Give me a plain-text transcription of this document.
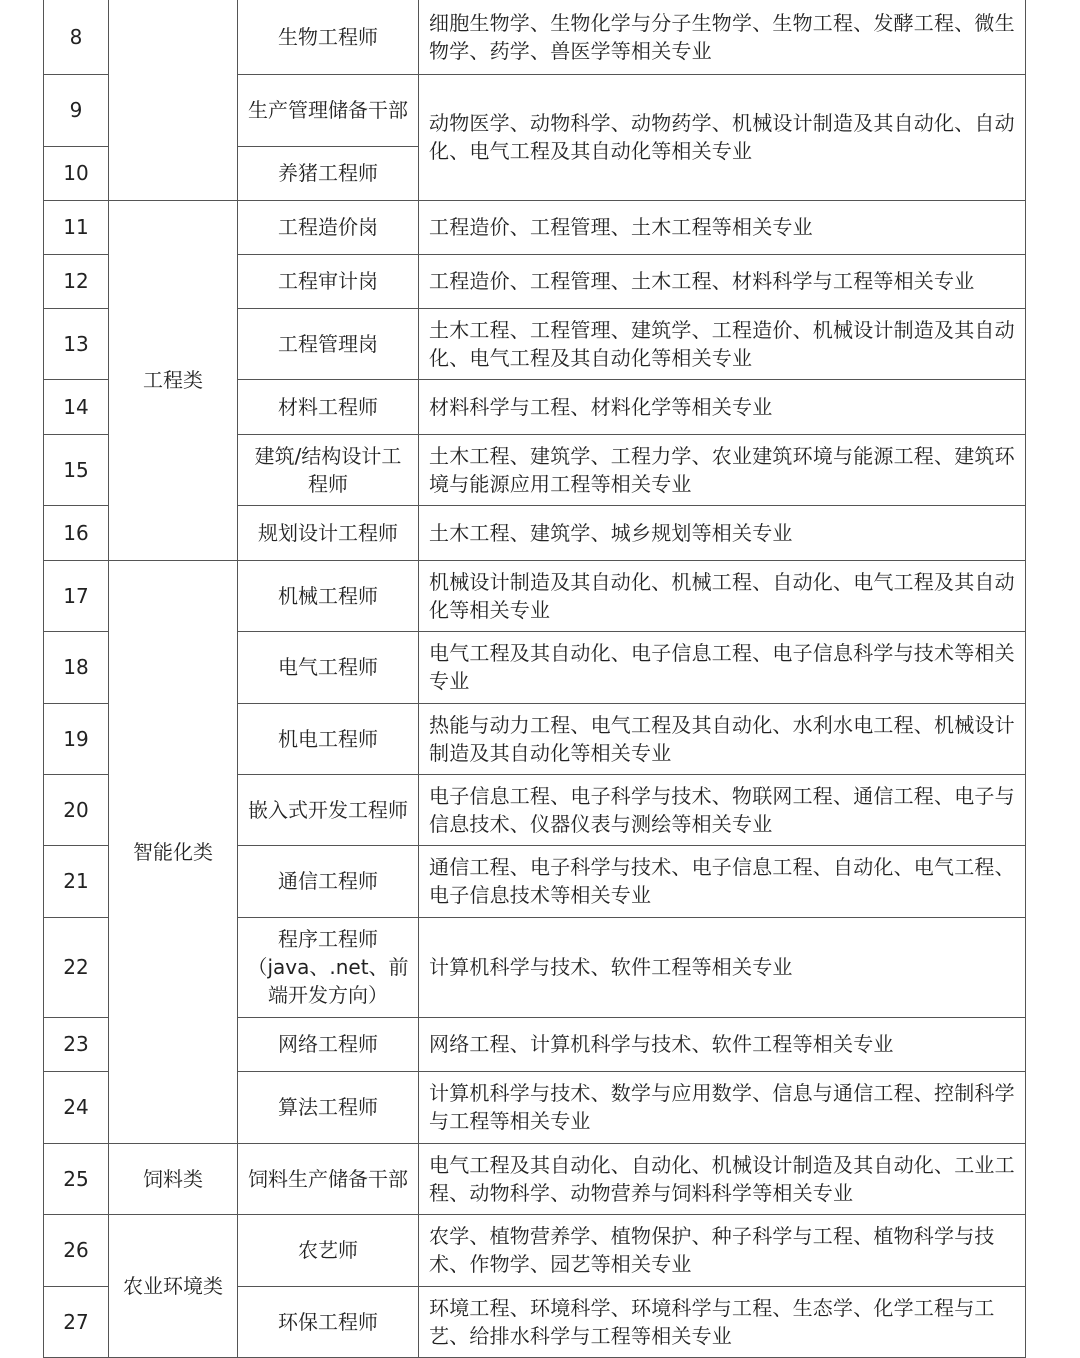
8		生物工程师	细胞生物学、生物化学与分子生物学、生物工程、发酵工程、微生物学、药学、兽医学等相关专业
9		生产管理储备干部	动物医学、动物科学、动物药学、机械设计制造及其自动化、自动化、电气工程及其自动化等相关专业
10		养猪工程师	
11	工程类	工程造价岗	工程造价、工程管理、土木工程等相关专业
12		工程审计岗	工程造价、工程管理、土木工程、材料科学与工程等相关专业
13		工程管理岗	土木工程、工程管理、建筑学、工程造价、机械设计制造及其自动化、电气工程及其自动化等相关专业
14		材料工程师	材料科学与工程、材料化学等相关专业
15		建筑/结构设计工程师	土木工程、建筑学、工程力学、农业建筑环境与能源工程、建筑环境与能源应用工程等相关专业
16		规划设计工程师	土木工程、建筑学、城乡规划等相关专业
17	智能化类	机械工程师	机械设计制造及其自动化、机械工程、自动化、电气工程及其自动化等相关专业
18		电气工程师	电气工程及其自动化、电子信息工程、电子信息科学与技术等相关专业
19		机电工程师	热能与动力工程、电气工程及其自动化、水利水电工程、机械设计制造及其自动化等相关专业
20		嵌入式开发工程师	电子信息工程、电子科学与技术、物联网工程、通信工程、电子与信息技术、仪器仪表与测绘等相关专业
21		通信工程师	通信工程、电子科学与技术、电子信息工程、自动化、电气工程、电子信息技术等相关专业
22		程序工程师（java、.net、前端开发方向）	计算机科学与技术、软件工程等相关专业
23		网络工程师	网络工程、计算机科学与技术、软件工程等相关专业
24		算法工程师	计算机科学与技术、数学与应用数学、信息与通信工程、控制科学与工程等相关专业
25	饲料类	饲料生产储备干部	电气工程及其自动化、自动化、机械设计制造及其自动化、工业工程、动物科学、动物营养与饲料科学等相关专业
26	农业环境类	农艺师	农学、植物营养学、植物保护、种子科学与工程、植物科学与技术、作物学、园艺等相关专业
27		环保工程师	环境工程、环境科学、环境科学与工程、生态学、化学工程与工艺、给排水科学与工程等相关专业
